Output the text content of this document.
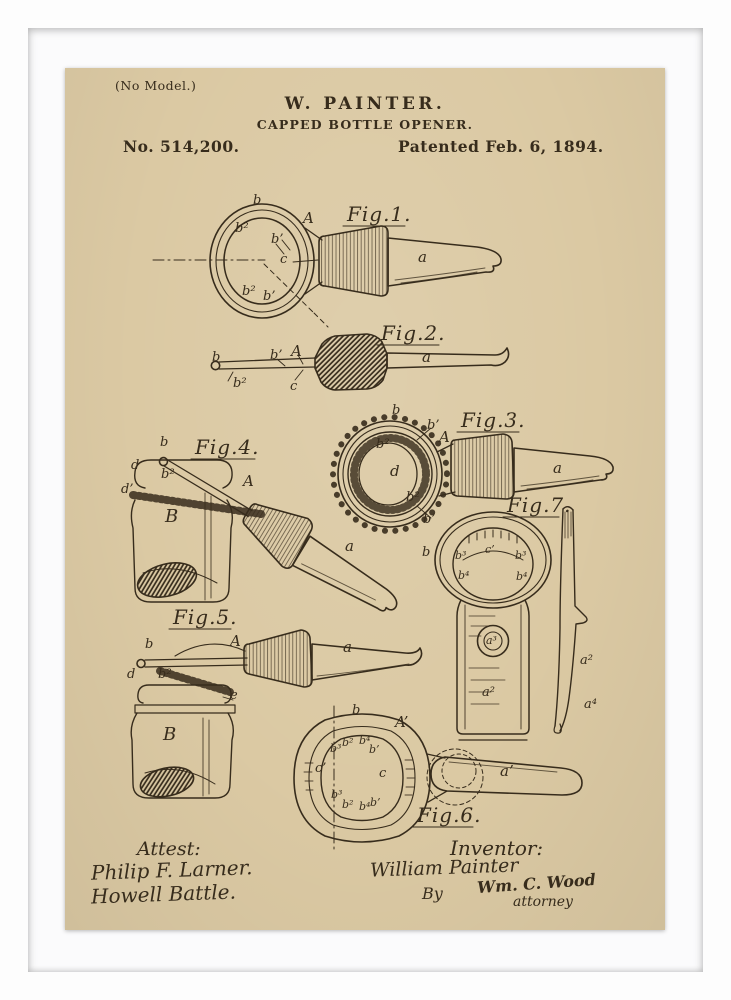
(No Model.)
W. PAINTER.
CAPPED BOTTLE OPENER.
No. 514,200.	Patented Feb. 6, 1894.
Fig.1.
Fig.2.
Fig.3.
Fig.4.
Fig.5.
Fig.6.
Fig.7.
b
A
b²
b’
c
b² b’
a
b	b’ A
b²	c
a
b
b’
A
b²
d
b²
b’
a
b
d
b²
d’	A
B
a
b	A	a
d b²
e
B
b
A’
b³ b² b⁴
b’
c’	c
b³
b² b⁴ b’
a’
b b³ c’ b³
b⁴	b⁴
a³
a²
a²
a⁴
Attest:
Philip F. Larner.
Howell Battle.
Inventor:
William Painter
By Wm. C. Wood
attorney
